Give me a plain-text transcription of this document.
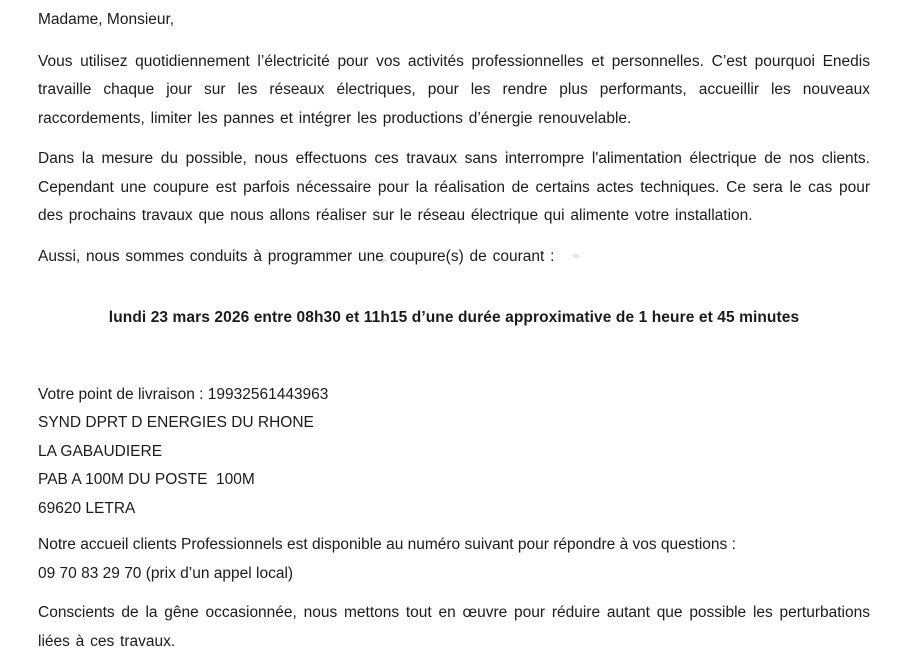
Madame, Monsieur,

Vous utilisez quotidiennement l’électricité pour vos activités professionnelles et personnelles. C’est pourquoi Enedis travaille chaque jour sur les réseaux électriques, pour les rendre plus performants, accueillir les nouveaux raccordements, limiter les pannes et intégrer les productions d’énergie renouvelable.

Dans la mesure du possible, nous effectuons ces travaux sans interrompre l'alimentation électrique de nos clients. Cependant une coupure est parfois nécessaire pour la réalisation de certains actes techniques. Ce sera le cas pour des prochains travaux que nous allons réaliser sur le réseau électrique qui alimente votre installation.

Aussi, nous sommes conduits à programmer une coupure(s) de courant :

lundi 23 mars 2026 entre 08h30 et 11h15 d’une durée approximative de 1 heure et 45 minutes

Votre point de livraison : 19932561443963

SYND DPRT D ENERGIES DU RHONE

LA GABAUDIERE

PAB A 100M DU POSTE  100M

69620 LETRA

Notre accueil clients Professionnels est disponible au numéro suivant pour répondre à vos questions :

09 70 83 29 70 (prix d’un appel local)

Conscients de la gêne occasionnée, nous mettons tout en œuvre pour réduire autant que possible les perturbations liées à ces travaux.
